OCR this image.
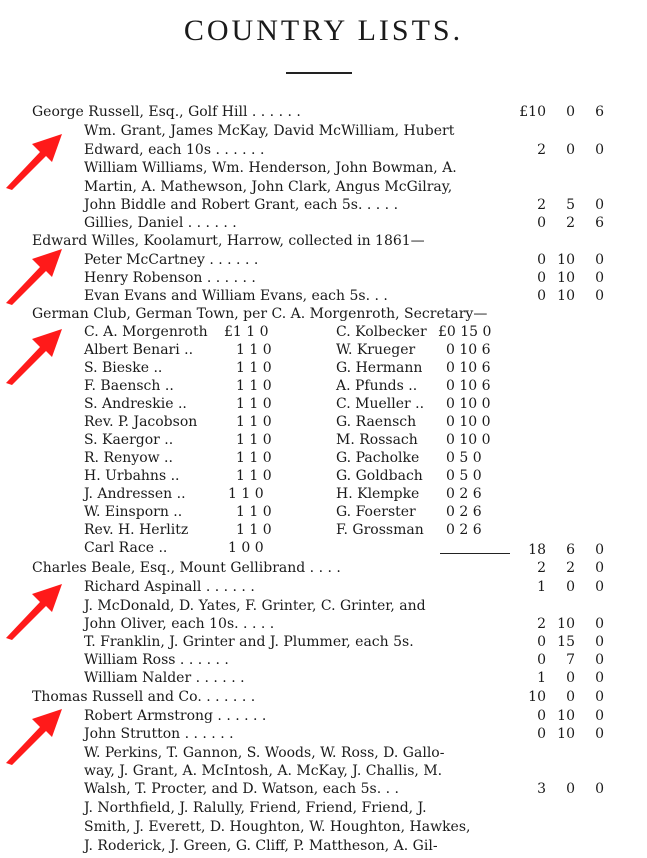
COUNTRY LISTS.
George Russell, Esq., Golf Hill . . . . . .	£10	0	6
Wm. Grant, James McKay, David McWilliam, Hubert
Edward, each 10s . . . . . .	2	0	0
William Williams, Wm. Henderson, John Bowman, A.
Martin, A. Mathewson, John Clark, Angus McGilray,
John Biddle and Robert Grant, each 5s. . . . .	2	5	0
Gillies, Daniel . . . . . .	0	2	6
Edward Willes, Koolamurt, Harrow, collected in 1861—
Peter McCartney . . . . . .	0 10	0
Henry Robenson . . . . . .	0 10	0
Evan Evans and William Evans, each 5s. . .	0 10	0
German Club, German Town, per C. A. Morgenroth, Secretary—
C. A. Morgenroth	£1 1 0	C. Kolbecker £0 15 0
Albert Benari ..	1 1 0	W. Krueger	0 10 6
S. Bieske ..	1 1 0	G. Hermann	0 10 6
F. Baensch ..	1 1 0	A. Pfunds ..	0 10 6
S. Andreskie ..	1 1 0	C. Mueller ..	0 10 0
Rev. P. Jacobson	1 1 0	G. Raensch	0 10 0
S. Kaergor ..	1 1 0	M. Rossach	0 10 0
R. Renyow ..	1 1 0	G. Pacholke	0 5 0
H. Urbahns ..	1 1 0	G. Goldbach	0 5 0
J. Andressen ..	1 1 0	H. Klempke	0 2 6
W. Einsporn ..	1 1 0	G. Foerster	0 2 6
Rev. H. Herlitz	1 1 0	F. Grossman	0 2 6
Carl Race ..	1 0 0	18	6	0
Charles Beale, Esq., Mount Gellibrand . . . .	2	2	0
Richard Aspinall . . . . . .	1	0	0
J. McDonald, D. Yates, F. Grinter, C. Grinter, and
John Oliver, each 10s. . . . .	2 10	0
T. Franklin, J. Grinter and J. Plummer, each 5s.	0 15	0
William Ross . . . . . .	0	7	0
William Nalder . . . . . .	1	0	0
Thomas Russell and Co. . . . . . .	10	0	0
Robert Armstrong . . . . . .	0 10	0
John Strutton . . . . . .	0 10	0
W. Perkins, T. Gannon, S. Woods, W. Ross, D. Gallo-
way, J. Grant, A. McIntosh, A. McKay, J. Challis, M.
Walsh, T. Procter, and D. Watson, each 5s. . .	3	0	0
J. Northfield, J. Ralully, Friend, Friend, Friend, J.
Smith, J. Everett, D. Houghton, W. Houghton, Hawkes,
J. Roderick, J. Green, G. Cliff, P. Mattheson, A. Gil-
